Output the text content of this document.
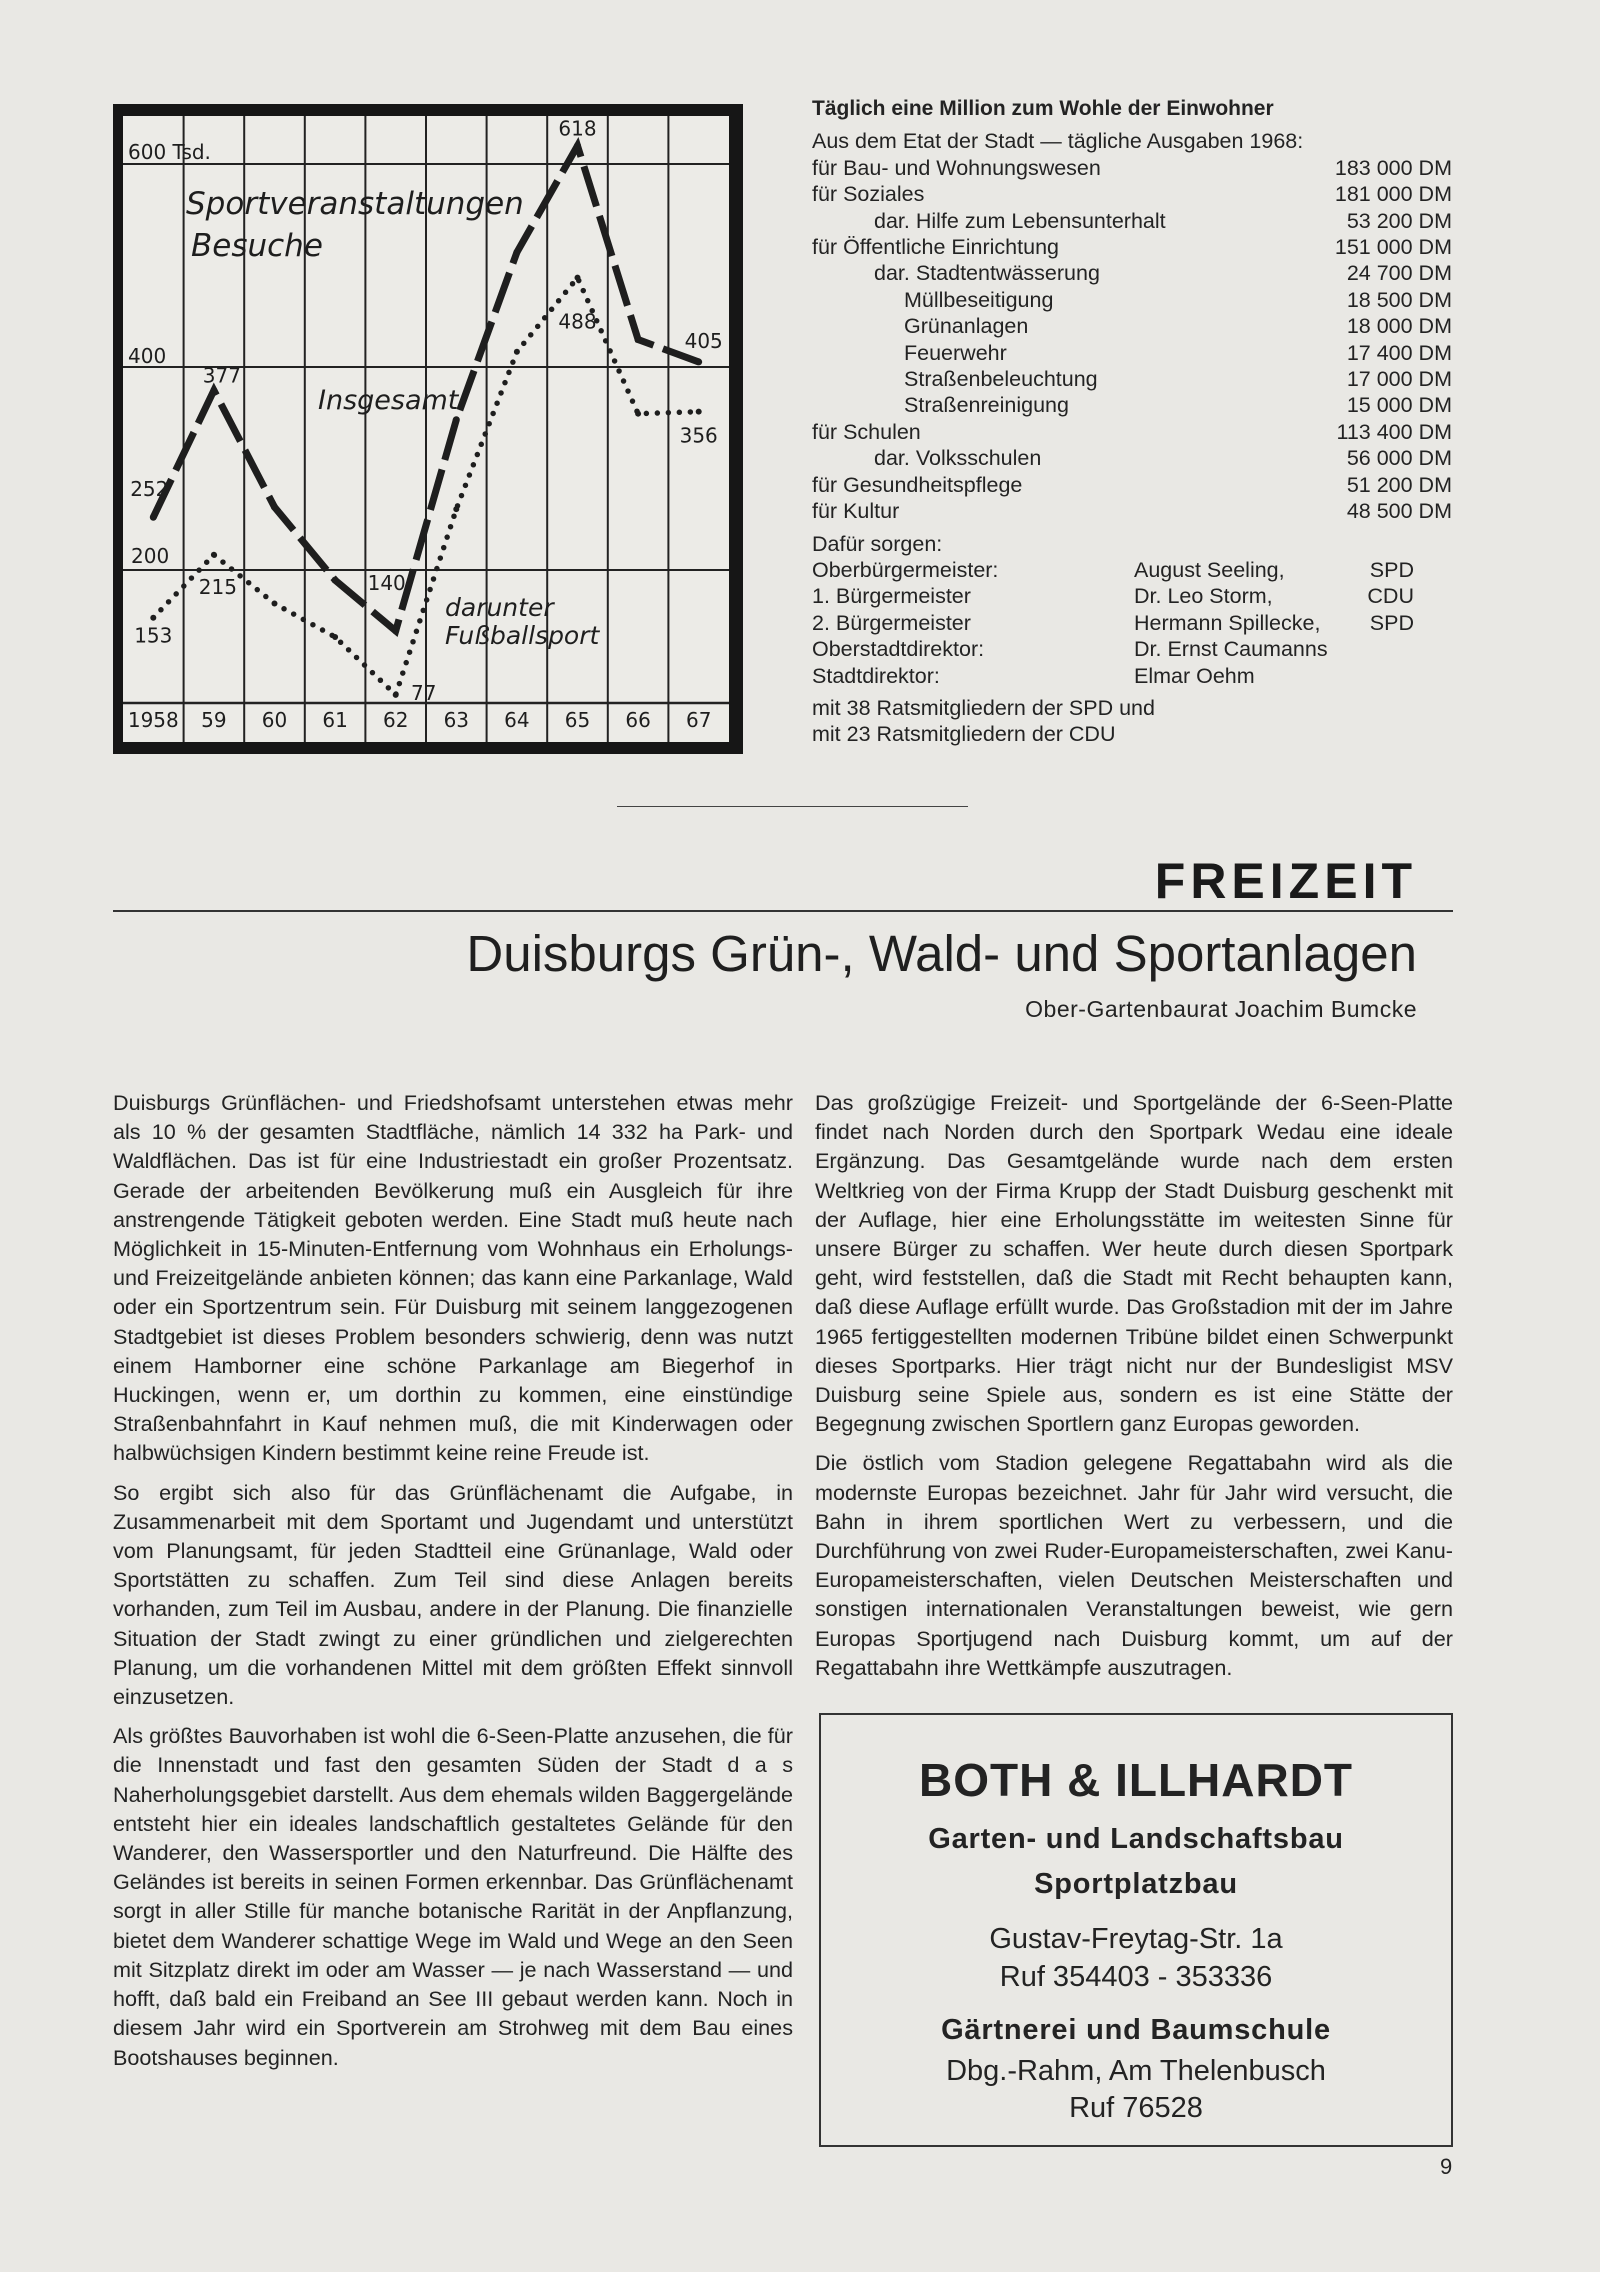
600 Tsd.
400
200
1958 59 60 61 62 63 64 65 66 67
Sportveranstaltungen
Besuche
252
377
140
618
405
153
215
77
488
356
Insgesamt.
darunter
Fußballsport
Täglich eine Million zum Wohle der Einwohner
Aus dem Etat der Stadt — tägliche Ausgaben 1968:
für Bau- und Wohnungswesen	183 000 DM
für Soziales	181 000 DM
dar. Hilfe zum Lebensunterhalt	53 200 DM
für Öffentliche Einrichtung	151 000 DM
dar. Stadtentwässerung	24 700 DM
Müllbeseitigung	18 500 DM
Grünanlagen	18 000 DM
Feuerwehr	17 400 DM
Straßenbeleuchtung	17 000 DM
Straßenreinigung	15 000 DM
für Schulen	113 400 DM
dar. Volksschulen	56 000 DM
für Gesundheitspflege	51 200 DM
für Kultur	48 500 DM
Dafür sorgen:
Oberbürgermeister:	August Seeling,	SPD
1. Bürgermeister	Dr. Leo Storm,	CDU
2. Bürgermeister	Hermann Spillecke,	SPD
Oberstadtdirektor:	Dr. Ernst Caumanns
Stadtdirektor:	Elmar Oehm
mit 38 Ratsmitgliedern der SPD und
mit 23 Ratsmitgliedern der CDU
FREIZEIT
Duisburgs Grün-, Wald- und Sportanlagen
Ober-Gartenbaurat Joachim Bumcke

Duisburgs Grünflächen- und Friedshofsamt unterstehen etwas mehr als 10 % der gesamten Stadtfläche, nämlich 14 332 ha Park- und Waldflächen. Das ist für eine Industriestadt ein großer Prozentsatz. Gerade der arbeitenden Bevölkerung muß ein Ausgleich für ihre anstrengende Tätigkeit geboten werden. Eine Stadt muß heute nach Möglichkeit in 15-Minuten-Entfernung vom Wohnhaus ein Erholungs- und Freizeitgelände anbieten können; das kann eine Parkanlage, Wald oder ein Sportzentrum sein. Für Duisburg mit seinem langgezogenen Stadtgebiet ist dieses Problem besonders schwierig, denn was nutzt einem Hamborner eine schöne Parkanlage am Biegerhof in Huckingen, wenn er, um dorthin zu kommen, eine einstündige Straßenbahnfahrt in Kauf nehmen muß, die mit Kinderwagen oder halbwüchsigen Kindern bestimmt keine reine Freude ist.

So ergibt sich also für das Grünflächenamt die Aufgabe, in Zusammenarbeit mit dem Sportamt und Jugendamt und unterstützt vom Planungsamt, für jeden Stadtteil eine Grünanlage, Wald oder Sportstätten zu schaffen. Zum Teil sind diese Anlagen bereits vorhanden, zum Teil im Ausbau, andere in der Planung. Die finanzielle Situation der Stadt zwingt zu einer gründlichen und zielgerechten Planung, um die vorhandenen Mittel mit dem größten Effekt sinnvoll einzusetzen.

Als größtes Bauvorhaben ist wohl die 6-Seen-Platte anzusehen, die für die Innenstadt und fast den gesamten Süden der Stadt d a s Naherholungsgebiet darstellt. Aus dem ehemals wilden Baggergelände entsteht hier ein ideales landschaftlich gestaltetes Gelände für den Wanderer, den Wassersportler und den Naturfreund. Die Hälfte des Geländes ist bereits in seinen Formen erkennbar. Das Grünflächenamt sorgt in aller Stille für manche botanische Rarität in der Anpflanzung, bietet dem Wanderer schattige Wege im Wald und Wege an den Seen mit Sitzplatz direkt im oder am Wasser — je nach Wasserstand — und hofft, daß bald ein Freiband an See III gebaut werden kann. Noch in diesem Jahr wird ein Sportverein am Strohweg mit dem Bau eines Bootshauses beginnen.

Das großzügige Freizeit- und Sportgelände der 6-Seen-Platte findet nach Norden durch den Sportpark Wedau eine ideale Ergänzung. Das Gesamtgelände wurde nach dem ersten Weltkrieg von der Firma Krupp der Stadt Duisburg geschenkt mit der Auflage, hier eine Erholungsstätte im weitesten Sinne für unsere Bürger zu schaffen. Wer heute durch diesen Sportpark geht, wird feststellen, daß die Stadt mit Recht behaupten kann, daß diese Auflage erfüllt wurde. Das Großstadion mit der im Jahre 1965 fertiggestellten modernen Tribüne bildet einen Schwerpunkt dieses Sportparks. Hier trägt nicht nur der Bundesligist MSV Duisburg seine Spiele aus, sondern es ist eine Stätte der Begegnung zwischen Sportlern ganz Europas geworden.

Die östlich vom Stadion gelegene Regattabahn wird als die modernste Europas bezeichnet. Jahr für Jahr wird versucht, die Bahn in ihrem sportlichen Wert zu verbessern, und die Durchführung von zwei Ruder-Europameisterschaften, zwei Kanu-Europameisterschaften, vielen Deutschen Meisterschaften und sonstigen internationalen Veranstaltungen beweist, wie gern Europas Sportjugend nach Duisburg kommt, um auf der Regattabahn ihre Wettkämpfe auszutragen.

BOTH & ILLHARDT
Garten- und Landschaftsbau
Sportplatzbau
Gustav-Freytag-Str. 1a
Ruf 354403 - 353336
Gärtnerei und Baumschule
Dbg.-Rahm, Am Thelenbusch
Ruf 76528
9
